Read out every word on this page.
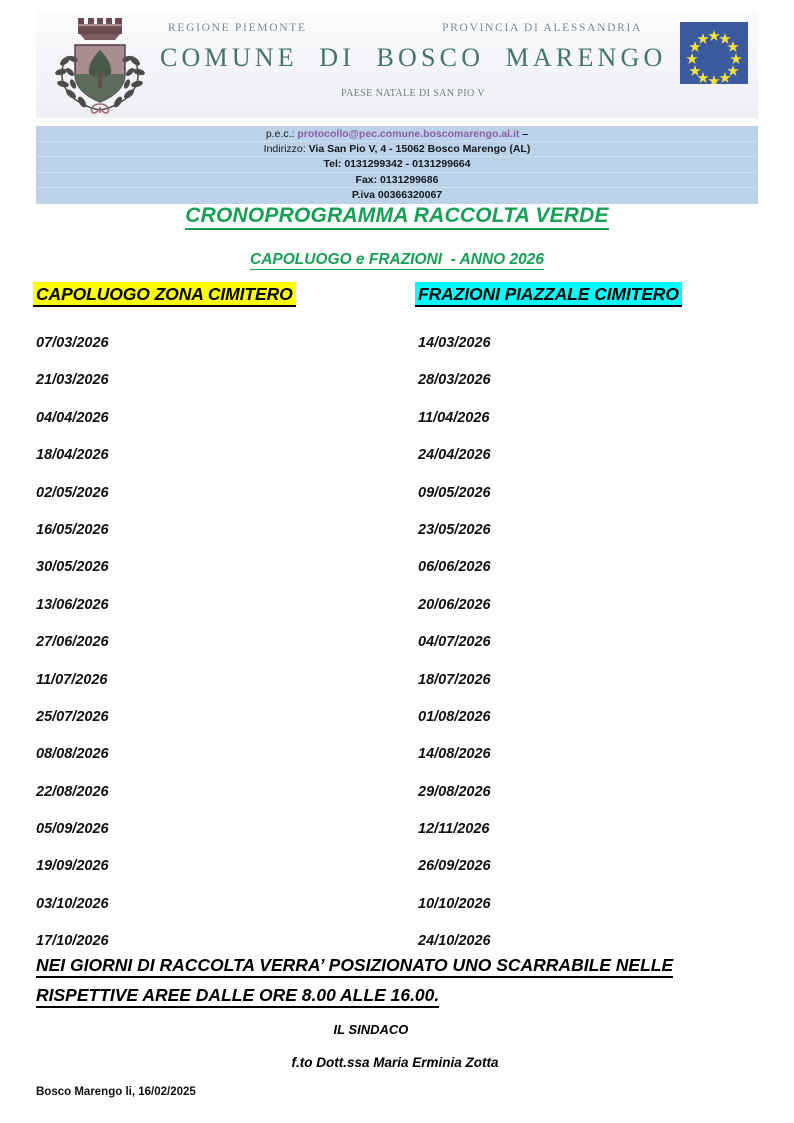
REGIONE PIEMONTE	PROVINCIA DI ALESSANDRIA
COMUNE  DI  BOSCO  MARENGO
PAESE NATALE DI SAN PIO V
p.e.c.: protocollo@pec.comune.boscomarengo.al.it –
Indirizzo: Via San Pio V, 4 - 15062 Bosco Marengo (AL)
Tel: 0131299342 - 0131299664
Fax: 0131299686
P.iva 00366320067
CRONOPROGRAMMA RACCOLTA VERDE
CAPOLUOGO e FRAZIONI  - ANNO 2026
CAPOLUOGO ZONA CIMITERO	FRAZIONI PIAZZALE CIMITERO
07/03/2026
21/03/2026
04/04/2026
18/04/2026
02/05/2026
16/05/2026
30/05/2026
13/06/2026
27/06/2026
11/07/2026
25/07/2026
08/08/2026
22/08/2026
05/09/2026
19/09/2026
03/10/2026
17/10/2026
14/03/2026
28/03/2026
11/04/2026
24/04/2026
09/05/2026
23/05/2026
06/06/2026
20/06/2026
04/07/2026
18/07/2026
01/08/2026
14/08/2026
29/08/2026
12/11/2026
26/09/2026
10/10/2026
24/10/2026
NEI GIORNI DI RACCOLTA VERRA’ POSIZIONATO UNO SCARRABILE NELLE
RISPETTIVE AREE DALLE ORE 8.00 ALLE 16.00.
IL SINDACO
f.to Dott.ssa Maria Erminia Zotta
Bosco Marengo li, 16/02/2025
